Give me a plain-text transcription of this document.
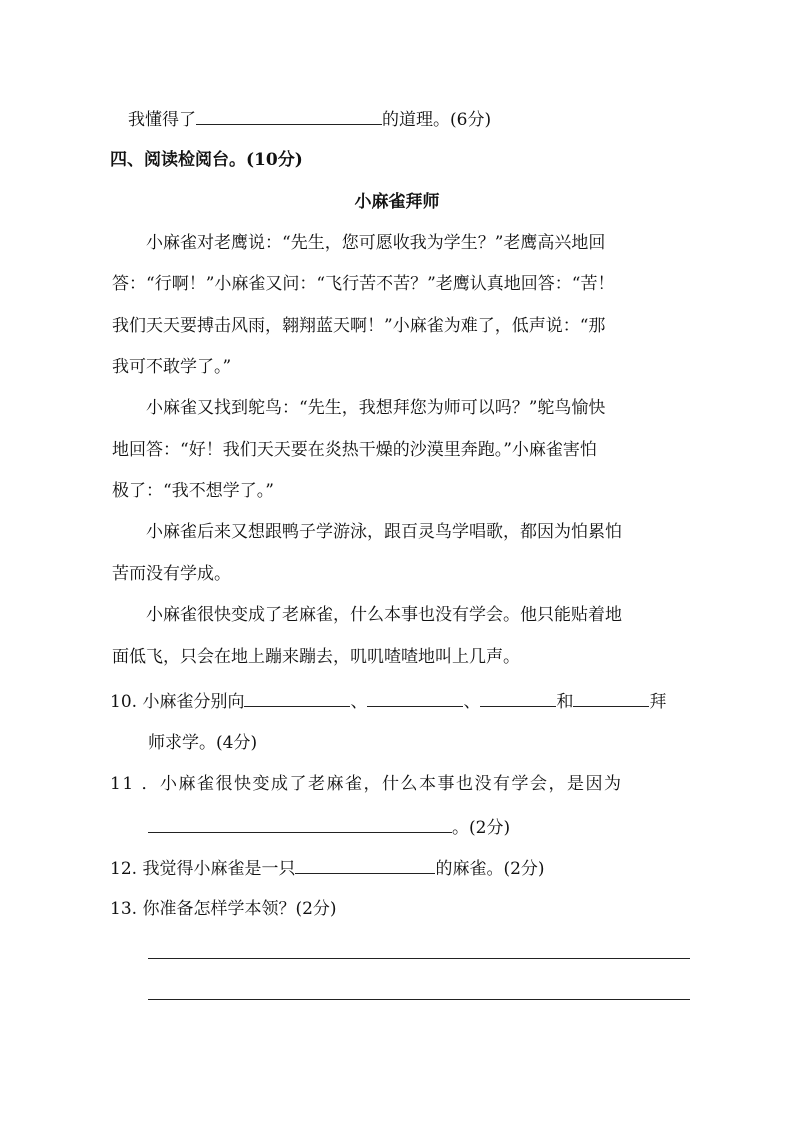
我懂得了	的道理。(6分)
四、阅读检阅台。(10分)
小麻雀拜师
小麻雀对老鹰说：“先生，您可愿收我为学生？”老鹰高兴地回
答：“行啊！”小麻雀又问：“飞行苦不苦？”老鹰认真地回答：“苦！
我们天天要搏击风雨，翱翔蓝天啊！”小麻雀为难了，低声说：“那
我可不敢学了。”
小麻雀又找到鸵鸟：“先生，我想拜您为师可以吗？”鸵鸟愉快
地回答：“好！我们天天要在炎热干燥的沙漠里奔跑。”小麻雀害怕
极了：“我不想学了。”
小麻雀后来又想跟鸭子学游泳，跟百灵鸟学唱歌，都因为怕累怕
苦而没有学成。
小麻雀很快变成了老麻雀，什么本事也没有学会。他只能贴着地
面低飞，只会在地上蹦来蹦去，叽叽喳喳地叫上几声。
10. 小麻雀分别向	、	、	和	拜
师求学。(4分)
11 ．小麻雀很快变成了老麻雀，什么本事也没有学会，是因为
。(2分)
12. 我觉得小麻雀是一只	的麻雀。(2分)
13. 你准备怎样学本领？(2分)
